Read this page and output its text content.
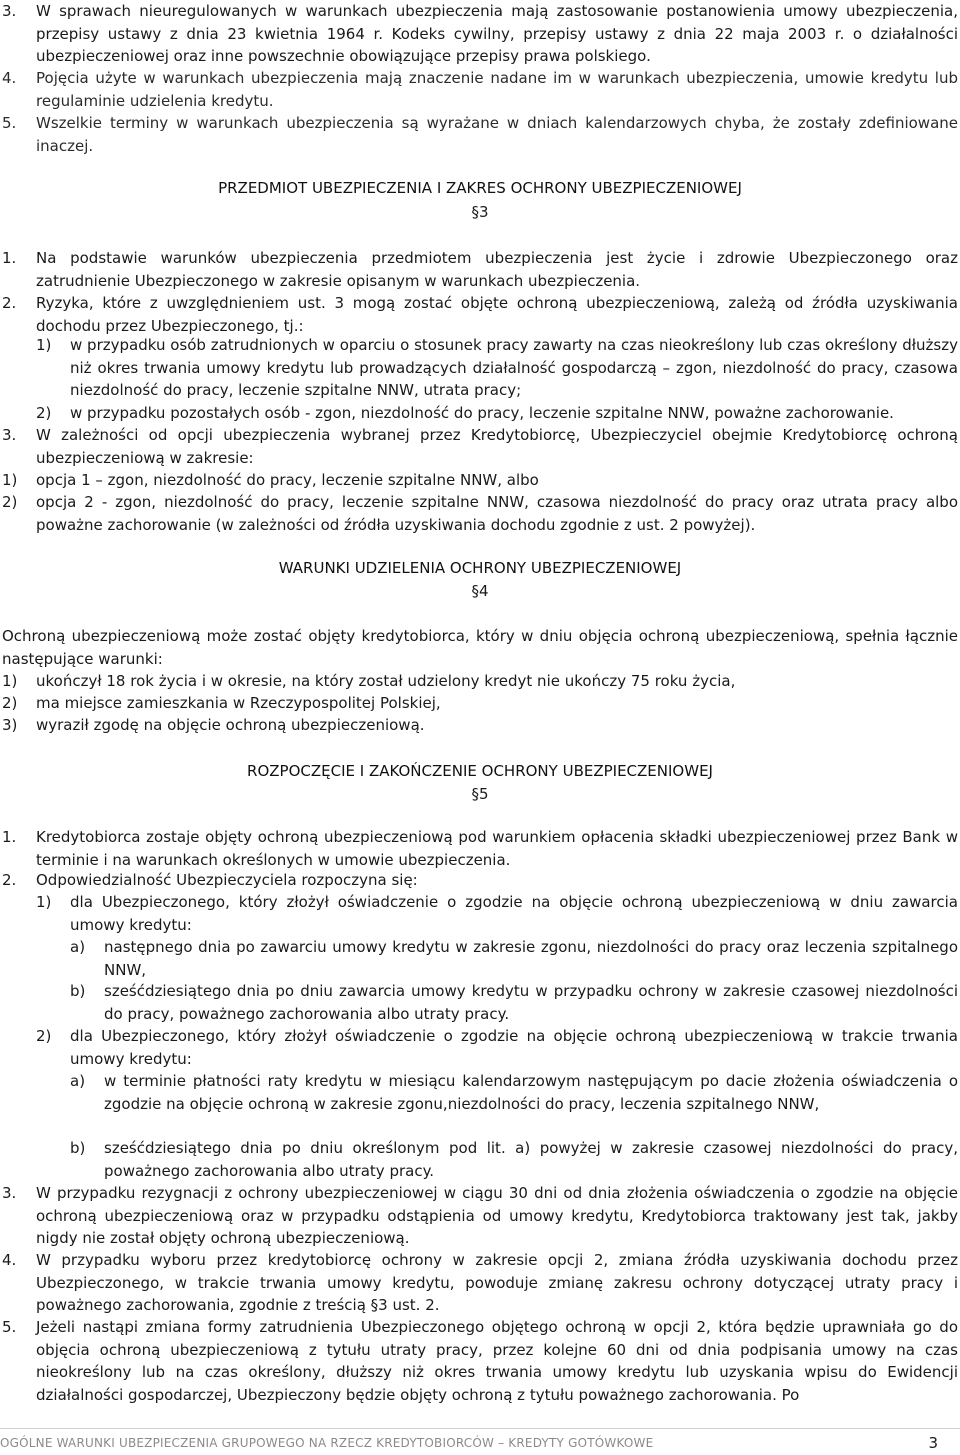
3.	W sprawach nieuregulowanych w warunkach ubezpieczenia mają zastosowanie postanowienia umowy ubezpieczenia, przepisy ustawy z dnia 23 kwietnia 1964 r. Kodeks cywilny, przepisy ustawy z dnia 22 maja 2003 r. o działalności ubezpieczeniowej oraz inne powszechnie obowiązujące przepisy prawa polskiego.
4.	Pojęcia użyte w warunkach ubezpieczenia mają znaczenie nadane im w warunkach ubezpieczenia, umowie kredytu lub regulaminie udzielenia kredytu.
5.	Wszelkie terminy w warunkach ubezpieczenia są wyrażane w dniach kalendarzowych chyba, że zostały zdefiniowane inaczej.
PRZEDMIOT UBEZPIECZENIA I ZAKRES OCHRONY UBEZPIECZENIOWEJ
§3
1.	Na podstawie warunków ubezpieczenia przedmiotem ubezpieczenia jest życie i zdrowie Ubezpieczonego oraz zatrudnienie Ubezpieczonego w zakresie opisanym w warunkach ubezpieczenia.
2.	Ryzyka, które z uwzględnieniem ust. 3 mogą zostać objęte ochroną ubezpieczeniową, zależą od źródła uzyskiwania dochodu przez Ubezpieczonego, tj.:
1)	w przypadku osób zatrudnionych w oparciu o stosunek pracy zawarty na czas nieokreślony lub czas określony dłuższy niż okres trwania umowy kredytu lub prowadzących działalność gospodarczą – zgon, niezdolność do pracy, czasowa niezdolność do pracy, leczenie szpitalne NNW, utrata pracy;
2)	w przypadku pozostałych osób - zgon, niezdolność do pracy, leczenie szpitalne NNW, poważne zachorowanie.
3.	W zależności od opcji ubezpieczenia wybranej przez Kredytobiorcę, Ubezpieczyciel obejmie Kredytobiorcę ochroną ubezpieczeniową w zakresie:
1)	opcja 1 – zgon, niezdolność do pracy, leczenie szpitalne NNW, albo
2)	opcja 2 - zgon, niezdolność do pracy, leczenie szpitalne NNW, czasowa niezdolność do pracy oraz utrata pracy albo poważne zachorowanie (w zależności od źródła uzyskiwania dochodu zgodnie z ust. 2 powyżej).
WARUNKI UDZIELENIA OCHRONY UBEZPIECZENIOWEJ
§4
Ochroną ubezpieczeniową może zostać objęty kredytobiorca, który w dniu objęcia ochroną ubezpieczeniową, spełnia łącznie następujące warunki:
1)	ukończył 18 rok życia i w okresie, na który został udzielony kredyt nie ukończy 75 roku życia,
2)	ma miejsce zamieszkania w Rzeczypospolitej Polskiej,
3)	wyraził zgodę na objęcie ochroną ubezpieczeniową.
ROZPOCZĘCIE I ZAKOŃCZENIE OCHRONY UBEZPIECZENIOWEJ
§5
1.	Kredytobiorca zostaje objęty ochroną ubezpieczeniową pod warunkiem opłacenia składki ubezpieczeniowej przez Bank w terminie i na warunkach określonych w umowie ubezpieczenia.
2.	Odpowiedzialność Ubezpieczyciela rozpoczyna się:
1)	dla Ubezpieczonego, który złożył oświadczenie o zgodzie na objęcie ochroną ubezpieczeniową w dniu zawarcia umowy kredytu:
a)	następnego dnia po zawarciu umowy kredytu w zakresie zgonu, niezdolności do pracy oraz leczenia szpitalnego NNW,
b)	sześćdziesiątego dnia po dniu zawarcia umowy kredytu w przypadku ochrony w zakresie czasowej niezdolności do pracy, poważnego zachorowania albo utraty pracy.
2)	dla Ubezpieczonego, który złożył oświadczenie o zgodzie na objęcie ochroną ubezpieczeniową w trakcie trwania umowy kredytu:
a)	w terminie płatności raty kredytu w miesiącu kalendarzowym następującym po dacie złożenia oświadczenia o zgodzie na objęcie ochroną w zakresie zgonu,niezdolności do pracy, leczenia szpitalnego NNW,
b)	sześćdziesiątego dnia po dniu określonym pod lit. a) powyżej w zakresie czasowej niezdolności do pracy, poważnego zachorowania albo utraty pracy.
3.	W przypadku rezygnacji z ochrony ubezpieczeniowej w ciągu 30 dni od dnia złożenia oświadczenia o zgodzie na objęcie ochroną ubezpieczeniową oraz w przypadku odstąpienia od umowy kredytu, Kredytobiorca traktowany jest tak, jakby nigdy nie został objęty ochroną ubezpieczeniową.
4.	W przypadku wyboru przez kredytobiorcę ochrony w zakresie opcji 2, zmiana źródła uzyskiwania dochodu przez Ubezpieczonego, w trakcie trwania umowy kredytu, powoduje zmianę zakresu ochrony dotyczącej utraty pracy i poważnego zachorowania, zgodnie z treścią §3 ust. 2.
5.	Jeżeli nastąpi zmiana formy zatrudnienia Ubezpieczonego objętego ochroną w opcji 2, która będzie uprawniała go do objęcia ochroną ubezpieczeniową z tytułu utraty pracy, przez kolejne 60 dni od dnia podpisania umowy na czas nieokreślony lub na czas określony, dłuższy niż okres trwania umowy kredytu lub uzyskania wpisu do Ewidencji działalności gospodarczej, Ubezpieczony będzie objęty ochroną z tytułu poważnego zachorowania. Po
OGÓLNE WARUNKI UBEZPIECZENIA GRUPOWEGO NA RZECZ KREDYTOBIORCÓW – KREDYTY GOTÓWKOWE	3
